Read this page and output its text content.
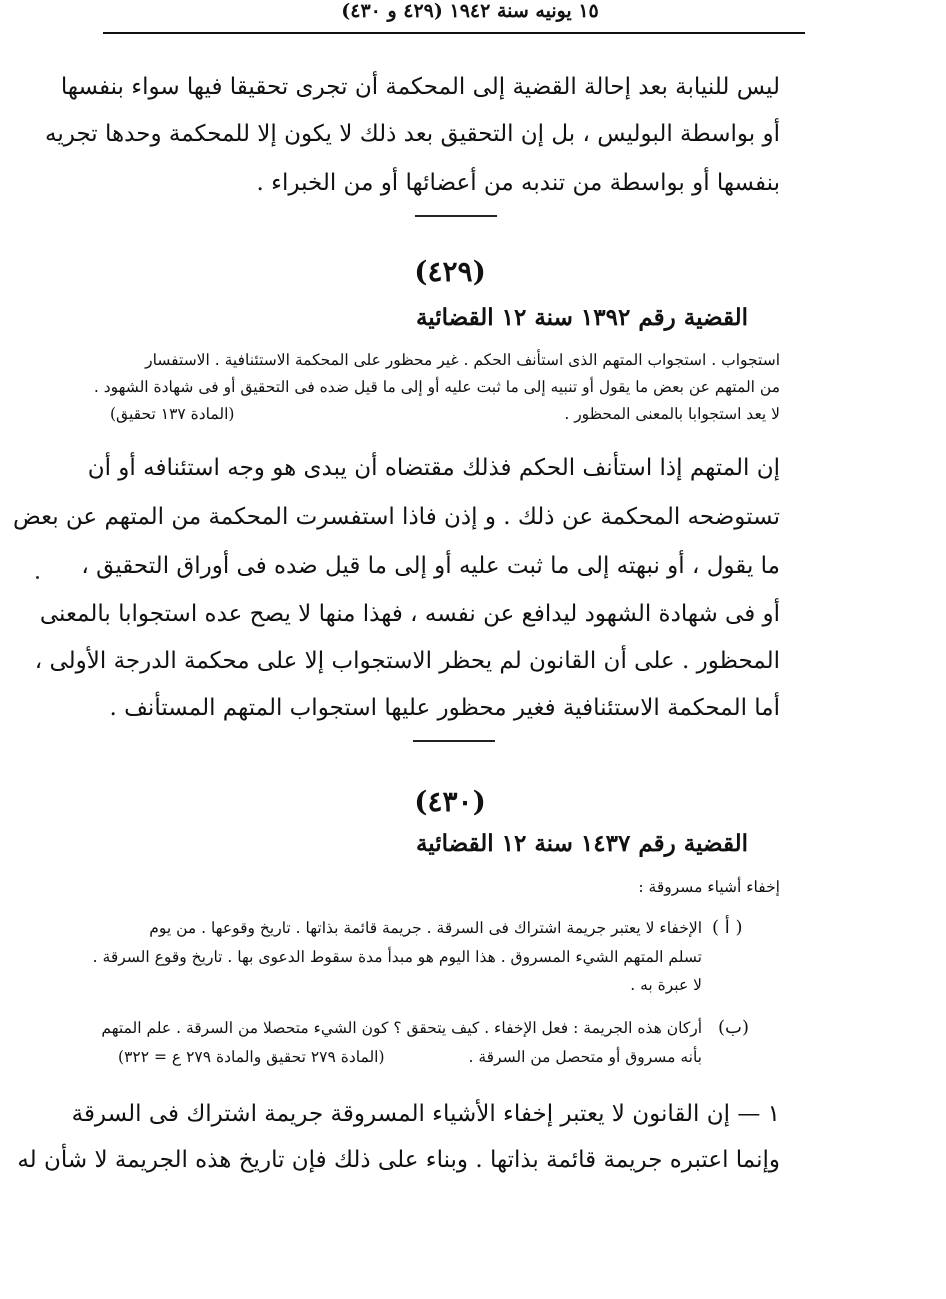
١٥ يونيه سنة ١٩٤٢ (٤٢٩ و ٤٣٠)
ليس للنيابة بعد إحالة القضية إلى المحكمة أن تجرى تحقيقا فيها سواء بنفسها
أو بواسطة البوليس ، بل إن التحقيق بعد ذلك لا يكون إلا للمحكمة وحدها تجريه
بنفسها أو بواسطة من تندبه من أعضائها أو من الخبراء .
(٤٢٩)
القضية رقم ١٣٩٢ سنة ١٢ القضائية
استجواب . استجواب المتهم الذى استأنف الحكم . غير محظور على المحكمة الاستئنافية . الاستفسار
من المتهم عن بعض ما يقول أو تنبيه إلى ما ثبت عليه أو إلى ما قيل ضده فى التحقيق أو فى شهادة الشهود .
لا يعد استجوابا بالمعنى المحظور .
(المادة ١٣٧ تحقيق)
إن المتهم إذا استأنف الحكم فذلك مقتضاه أن يبدى هو وجه استئنافه أو أن
تستوضحه المحكمة عن ذلك . و إذن فاذا استفسرت المحكمة من المتهم عن بعض
ما يقول ، أو نبهته إلى ما ثبت عليه أو إلى ما قيل ضده فى أوراق التحقيق ،
أو فى شهادة الشهود ليدافع عن نفسه ، فهذا منها لا يصح عده استجوابا بالمعنى
المحظور . على أن القانون لم يحظر الاستجواب إلا على محكمة الدرجة الأولى ،
أما المحكمة الاستئنافية فغير محظور عليها استجواب المتهم المستأنف .
(٤٣٠)
القضية رقم ١٤٣٧ سنة ١٢ القضائية
إخفاء أشياء مسروقة :
( أ )
الإخفاء لا يعتبر جريمة اشتراك فى السرقة . جريمة قائمة بذاتها . تاريخ وقوعها . من يوم
تسلم المتهم الشيء المسروق . هذا اليوم هو مبدأ مدة سقوط الدعوى بها . تاريخ وقوع السرقة .
لا عبرة به .
(ب)
أركان هذه الجريمة : فعل الإخفاء . كيف يتحقق ؟ كون الشيء متحصلا من السرقة . علم المتهم
بأنه مسروق أو متحصل من السرقة .
(المادة ٢٧٩ تحقيق والمادة ٢٧٩ ع = ٣٢٢)
١ — إن القانون لا يعتبر إخفاء الأشياء المسروقة جريمة اشتراك فى السرقة
وإنما اعتبره جريمة قائمة بذاتها . وبناء على ذلك فإن تاريخ هذه الجريمة لا شأن له
